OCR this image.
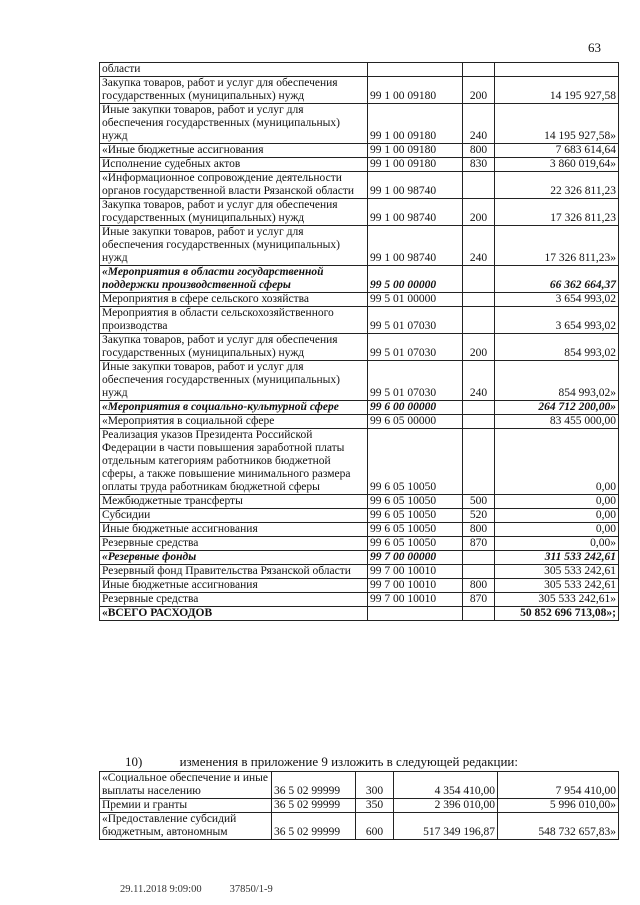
63
области			
Закупка товаров, работ и услуг для обеспечения государственных (муниципальных) нужд	99 1 00 09180	200	14 195 927,58
Иные закупки товаров, работ и услуг для обеспечения государственных (муниципальных) нужд	99 1 00 09180	240	14 195 927,58»
«Иные бюджетные ассигнования	99 1 00 09180	800	7 683 614,64
Исполнение судебных актов	99 1 00 09180	830	3 860 019,64»
«Информационное сопровождение деятельности органов государственной власти Рязанской области	99 1 00 98740		22 326 811,23
Закупка товаров, работ и услуг для обеспечения государственных (муниципальных) нужд	99 1 00 98740	200	17 326 811,23
Иные закупки товаров, работ и услуг для обеспечения государственных (муниципальных) нужд	99 1 00 98740	240	17 326 811,23»
«Мероприятия в области государственной поддержки производственной сферы	99 5 00 00000		66 362 664,37
Мероприятия в сфере сельского хозяйства	99 5 01 00000		3 654 993,02
Мероприятия в области сельскохозяйственного производства	99 5 01 07030		3 654 993,02
Закупка товаров, работ и услуг для обеспечения государственных (муниципальных) нужд	99 5 01 07030	200	854 993,02
Иные закупки товаров, работ и услуг для обеспечения государственных (муниципальных) нужд	99 5 01 07030	240	854 993,02»
«Мероприятия в социально-культурной сфере	99 6 00 00000		264 712 200,00»
«Мероприятия в социальной сфере	99 6 05 00000		83 455 000,00
Реализация указов Президента Российской Федерации в части повышения заработной платы отдельным категориям работников бюджетной сферы, а также повышение минимального размера оплаты труда работникам бюджетной сферы	99 6 05 10050		0,00
Межбюджетные трансферты	99 6 05 10050	500	0,00
Субсидии	99 6 05 10050	520	0,00
Иные бюджетные ассигнования	99 6 05 10050	800	0,00
Резервные средства	99 6 05 10050	870	0,00»
«Резервные фонды	99 7 00 00000		311 533 242,61
Резервный фонд Правительства Рязанской области	99 7 00 10010		305 533 242,61
Иные бюджетные ассигнования	99 7 00 10010	800	305 533 242,61
Резервные средства	99 7 00 10010	870	305 533 242,61»
«ВСЕГО РАСХОДОВ			50 852 696 713,08»;
10)	изменения в приложение 9 изложить в следующей редакции:
«Социальное обеспечение и иные выплаты населению	36 5 02 99999	300	4 354 410,00	7 954 410,00
Премии и гранты	36 5 02 99999	350	2 396 010,00	5 996 010,00»
«Предоставление субсидий бюджетным, автономным	36 5 02 99999	600	517 349 196,87	548 732 657,83»
29.11.2018 9:09:00	37850/1-9
